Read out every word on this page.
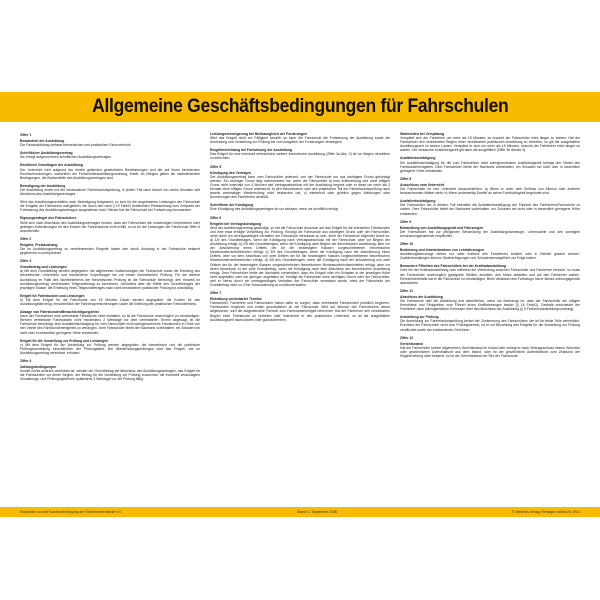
Allgemeine Geschäftsbedingungen für Fahrschulen
Ziffer 1
Bestandteil der Ausbildung
Die Fahrausbildung umfasst theoretischen und praktischen Fahrunterricht.
Schriftlicher Ausbildungsvertrag
Sie erfolgt aufgrund eines schriftlichen Ausbildungsvertrages.
Rechtliche Grundlagen der Ausbildung
Der Unterricht wird aufgrund der hierfür geltenden gesetzlichen Bestimmungen und der auf ihnen beruhenden Rechtsverordnungen, namentlich der Fahrschülerausbildungsordnung, erteilt. Im Übrigen gelten die nachstehenden Bedingungen, die Bestandteile des Ausbildungsvertrages sind.
Beendigung der Ausbildung
Die Ausbildung endet mit der bestandenen Fahrerlaubnisprüfung, in jedem Fall nach Ablauf von sechs Monaten seit Abschluss des Ausbildungsvertrages.
Wird das Ausbildungsverhältnis nach Beendigung fortgesetzt, so sind für die angebotenen Leistungen der Fahrschule die Entgelte der Fahrschule maßgeblich, die durch den nach § 19 FahrlG bestimmten Preisaushang zum Zeitpunkt der Fortsetzung des Ausbildungsvertrages ausgewiesen sind. Hierauf hat die Fahrschule bei Fortsetzung hinzuweisen.
Eignungsmängel des Fahrschülers
Stellt sich nach Abschluss des Ausbildungsvertrages heraus, dass der Fahrschüler die notwendigen körperlichen oder geistigen Anforderungen für den Erwerb der Fahrerlaubnis nicht erfüllt, so ist für die Leistungen der Fahrschule Ziffer 6 anzuwenden.
Ziffer 2
Entgelte, Preisaushang
Die im Ausbildungsvertrag zu vereinbarenden Entgelte haben den durch Aushang in der Fahrschule bekannt gegebenen zu entsprechen.
Ziffer 3
Grundbetrag und Leistungen
a) Mit dem Grundbetrag werden abgegolten: die allgemeinen Aufwendungen der Fahrschule sowie die Erteilung des theoretischen Unterrichts und erforderliche Vorprüfungen bis zur ersten theoretischen Prüfung. Für die weitere Ausbildung im Falle des Nichtbestehens der theoretischen Prüfung ist die Fahrschule berechtigt, den Hinweis im Ausbildungsvertrag vereinbarten Teilgrundbetrag zu berechnen, höchstens aber die Hälfte des Grundbetrages der jeweiligen Klasse; die Erhebung eines Teilgrundbetrages nach nicht bestandener praktischer Prüfung ist unzulässig.
Entgelt für Fahrstunden und Leistungen
b) Mit dem Entgelt für die Fahrstunde von 45 Minuten Dauer werden abgegolten: die Kosten für das Ausbildungsfahrzeug, einschließlich der Fahrzeugversicherungen sowie die Erteilung des praktischen Fahrunterrichts.
Absage von Fahrstunden/Benachrichtigungsfrist
Kann der Fahrschüler eine vereinbarte Fahrstunde nicht einhalten, so ist die Fahrschule unverzüglich zu verständigen. Werden vereinbarte Fahrstunden nicht mindestens 2 Werktage vor dem vereinbarten Termin abgesagt, ist die Fahrschule berechtigt, eine Ausfallentschädigung für vom Fahrschüler nicht wahrgenommene Fahrstunden in Höhe von drei Viertel des Fahrstundenentgeltes zu verlangen. Dem Fahrschüler bleibt der Nachweis vorbehalten, ein Schaden sei nicht oder in wesentlich geringerer Höhe entstanden.
Entgelt für die Vorstellung zur Prüfung und Leistungen
c) Mit dem Entgelt für die Vorstellung zur Prüfung werden abgegolten: die theoretische und die praktische Prüfungsvorstellung einschließlich der Prüfungsfahrt. Bei Wiederholungsprüfungen wird das Entgelt, wie im Ausbildungsvertrag vereinbart, erhoben.
Ziffer 4
Zahlungsbedingungen
Soweit nichts anderes vereinbart ist, werden der Grundbetrag bei Abschluss des Ausbildungsvertrages, das Entgelt für die Fahrstunden vor deren Beginn, der Betrag für die Vorstellung zur Prüfung zusammen mit eventuell verauslagten Verwaltungs- und Prüfungsgebühren spätestens 3 Werktage vor der Prüfung fällig.
Leistungsverweigerung bei Nichtausgleich der Forderungen
Wird das Entgelt nicht zur Fälligkeit bezahlt, so kann die Fahrschule die Fortsetzung der Ausbildung sowie die Anmeldung und Vorstellung zur Prüfung bis zum Ausgleich der Forderungen verweigern.
Entgeltentrichtung bei Fortsetzung der Ausbildung
Das Entgelt für eine eventuell erforderliche weitere theoretische Ausbildung (Ziffer 3a Abs. 2) ist vor Beginn derselben zu entrichten.
Ziffer 5
Kündigung des Vertrages
Der Ausbildungsvertrag kann vom Fahrschüler jederzeit, von der Fahrschule nur aus wichtigem Grund gekündigt werden. Ein wichtiger Grund liegt insbesondere vor, wenn der Fahrschüler a) trotz Aufforderung und ohne triftigen Grund nicht innerhalb von 4 Wochen seit Vertragsabschluss mit der Ausbildung beginnt oder er diese um mehr als 3 Monate ohne triftigen Grund unterbricht, b) den theoretischen oder den praktischen Teil der Fahrerlaubnisprüfung nach jeweils zweimaliger Wiederholung nicht bestanden hat, c) wiederholt oder gröblich gegen Weisungen oder Anordnungen des Fahrlehrers verstößt.
Schriftform der Kündigung
Eine Kündigung des Ausbildungsvertrages ist nur wirksam, wenn sie schriftlich erfolgt.
Ziffer 6
Entgelte bei Vertragskündigung
Wird der Ausbildungsvertrag gekündigt, so hat die Fahrschule Anspruch auf das Entgelt für die erbrachten Fahrstunden und eine etwa erfolgte Vorstellung zur Prüfung. Kündigt die Fahrschule aus wichtigem Grund oder der Fahrschüler, ohne durch ein vertragswidriges Verhalten der Fahrschule veranlasst zu sein, steht der Fahrschule folgender Anteil zu: a) 1/5 des Grundbetrages, wenn die Kündigung nach Vertragsabschluss mit der Fahrschule, aber vor Beginn der Ausbildung erfolgt; b) 2/5 des Grundbetrages, wenn die Kündigung nach Beginn der theoretischen Ausbildung, aber vor der Absolvierung eines Drittels der für die beantragten Klassen vorgeschriebenen theoretischen Mindestunterrichtseinheiten erfolgt; c) 3/5 des Grundbetrages, wenn die Kündigung nach der Absolvierung eines Drittels, aber vor dem Abschluss von zwei Dritteln der für die beantragten Klassen vorgeschriebenen theoretischen Mindestunterrichtseinheiten erfolgt; d) 4/5 des Grundbetrages, wenn die Kündigung nach der Absolvierung von zwei Dritteln der für die beantragten Klassen vorgeschriebenen theoretischen Mindestunterrichtseinheiten erfolgt, aber vor deren Abschluss; e) der volle Grundbetrag, wenn die Kündigung nach dem Abschluss der theoretischen Ausbildung erfolgt. Dem Fahrschüler bleibt der Nachweis vorbehalten, dass ein Entgelt oder ein Schaden in der jeweiligen Höhe nicht angefallen oder nur geringer angefallen ist. Kündigt die Fahrschule ohne wichtigen Grund oder der Fahrschüler, weil er hierzu durch ein vertragswidriges Verhalten der Fahrschule veranlasst wurde, steht der Fahrschule der Grundbetrag nicht zu. Eine Vorauszahlung ist zurückzuerstatten.
Ziffer 7
Einhaltung vereinbarter Termine
Fahrschüler, Fahrlehrer und Fahrschulen haben dafür zu sorgen, dass vereinbarte Fahrstunden pünktlich beginnen. Fahrstunden beginnen und enden grundsätzlich an der Fahrschule. Wird auf Wunsch des Fahrschülers davon abgewichen, wird die aufgewendete Fahrzeit zum Fahrstundenentgelt berechnet. Hat der Fahrlehrer den vereinbarten Beginn einer Fahrstunde zu vertreten oder unterbricht er den praktischen Unterricht, so ist die ausgefallene Ausbildungszeit nachzuholen oder gutzuschreiben.
Wartezeiten bei Verspätung
Verspätet sich der Fahrlehrer um mehr als 15 Minuten, so braucht der Fahrschüler nicht länger zu warten. Hat der Fahrschüler den vereinbarten Beginn einer vereinbarten praktischen Ausbildung zu vertreten, so gilt die ausgefallene Ausbildungszeit zu seinen Lasten. Verspätet er sich um mehr als 15 Minuten, braucht der Fahrlehrer nicht länger zu warten. Die versäumte Ausbildungszeit gilt dann als ausgefallen (Ziffer 3b Absatz 3).
Ausfallentschädigung
Die Ausfallentschädigung für die vom Fahrschüler nicht wahrgenommene Ausbildungszeit beträgt drei Viertel des Fahrstundenentgeltes. Dem Fahrschüler bleibt der Nachweis vorbehalten, ein Schaden sei nicht oder in wesentlich geringerer Höhe entstanden.
Ziffer 8
Ausschluss vom Unterricht
Der Fahrschüler ist vom Unterricht auszuschließen: a) Wenn er unter dem Einfluss von Alkohol oder anderen berauschenden Mitteln steht; b) Wenn anderweitig Zweifel an seiner Fahrtüchtigkeit begründet sind.
Ausfallentschädigung
Der Fahrschüler hat in diesem Fall ebenfalls die Ausfallentschädigung der Fahrzeit des Fahrlehrers/Fahrschule zu zahlen. Dem Fahrschüler bleibt der Nachweis vorbehalten, ein Schaden sei nicht oder in wesentlich geringerer Höhe entstanden.
Ziffer 9
Behandlung von Ausbildungsgerät und Fahrzeugen
Der Fahrschüler hat zur pfleglichen Behandlung der Ausbildungsfahrzeuge, Lehrmodelle und des sonstigen Anschauungsmaterials verpflichtet.
Ziffer 10
Bedienung und Inbetriebnahme von Lehrfahrzeugen
Ausbildungsfahrzeuge dürfen nur unter Aufsicht des Fahrlehrers bedient oder in Betrieb gesetzt werden. Zuwiderhandlungen können Strafverfolgungen und Schadensersatzpflicht zur Folge haben.
Besondere Pflichten des Fahrschülers bei der Kraftradausbildung
Geht bei der Kraftradausbildung oder während der Verbindung zwischen Fahrschüler und Fahrlehrer verloren, so muss der Fahrschüler unverzüglich (geeignete Stellen) anhalten, den Motor abstellen und auf den Fahrlehrer warten. Erforderlichenfalls hat er die Fahrschule zu verständigen. Beim Verlassen des Fahrzeugs hat er dieses ordnungsgemäß abzusichern.
Ziffer 11
Abschluss der Ausbildung
Die Fahrschule darf die Ausbildung erst abschließen, wenn sie überzeugt ist, dass der Fahrschüler die nötigen Kenntnisse und Fähigkeiten zum Führen eines Kraftfahrzeuges besitzt (§ 16 FahrlG). Deshalb entscheidet der Fahrlehrer nach pflichtgemäßem Ermessen über den Abschluss der Ausbildung (§ 6 Fahrschulausbildungsordnung).
Anmeldung zur Prüfung
Die Anmeldung zur Fahrerlaubnisprüfung bedarf der Zustimmung des Fahrschülers; die ist für beide Teile verbindlich. Erscheint der Fahrschüler nicht zum Prüfungstermin, ist er zur Bezahlung des Entgelts für die Vorstellung zur Prüfung verpflichtet sowie der entstandenen Gebühren.
Ziffer 12
Gerichtsstand
Hat der Fahrschüler keinen allgemeinen Gerichtsstand im Inland oder verlegt er nach Vertragsschluss seinen Wohnsitz oder gewöhnlichen Aufenthaltsort aus dem Inland, oder ist der gewöhnliche Aufenthaltsort zum Zeitpunkt der Klageerhebung nicht bekannt, so ist der Gerichtsstand der Sitz der Fahrschule.
Empfohlen von der Bundesvereinigung der Fahrlehrerverbände e.V.	Stand: 1. September 2008	© Verkehrs-Verlag, Remagen Artikel-Nr. 5911
